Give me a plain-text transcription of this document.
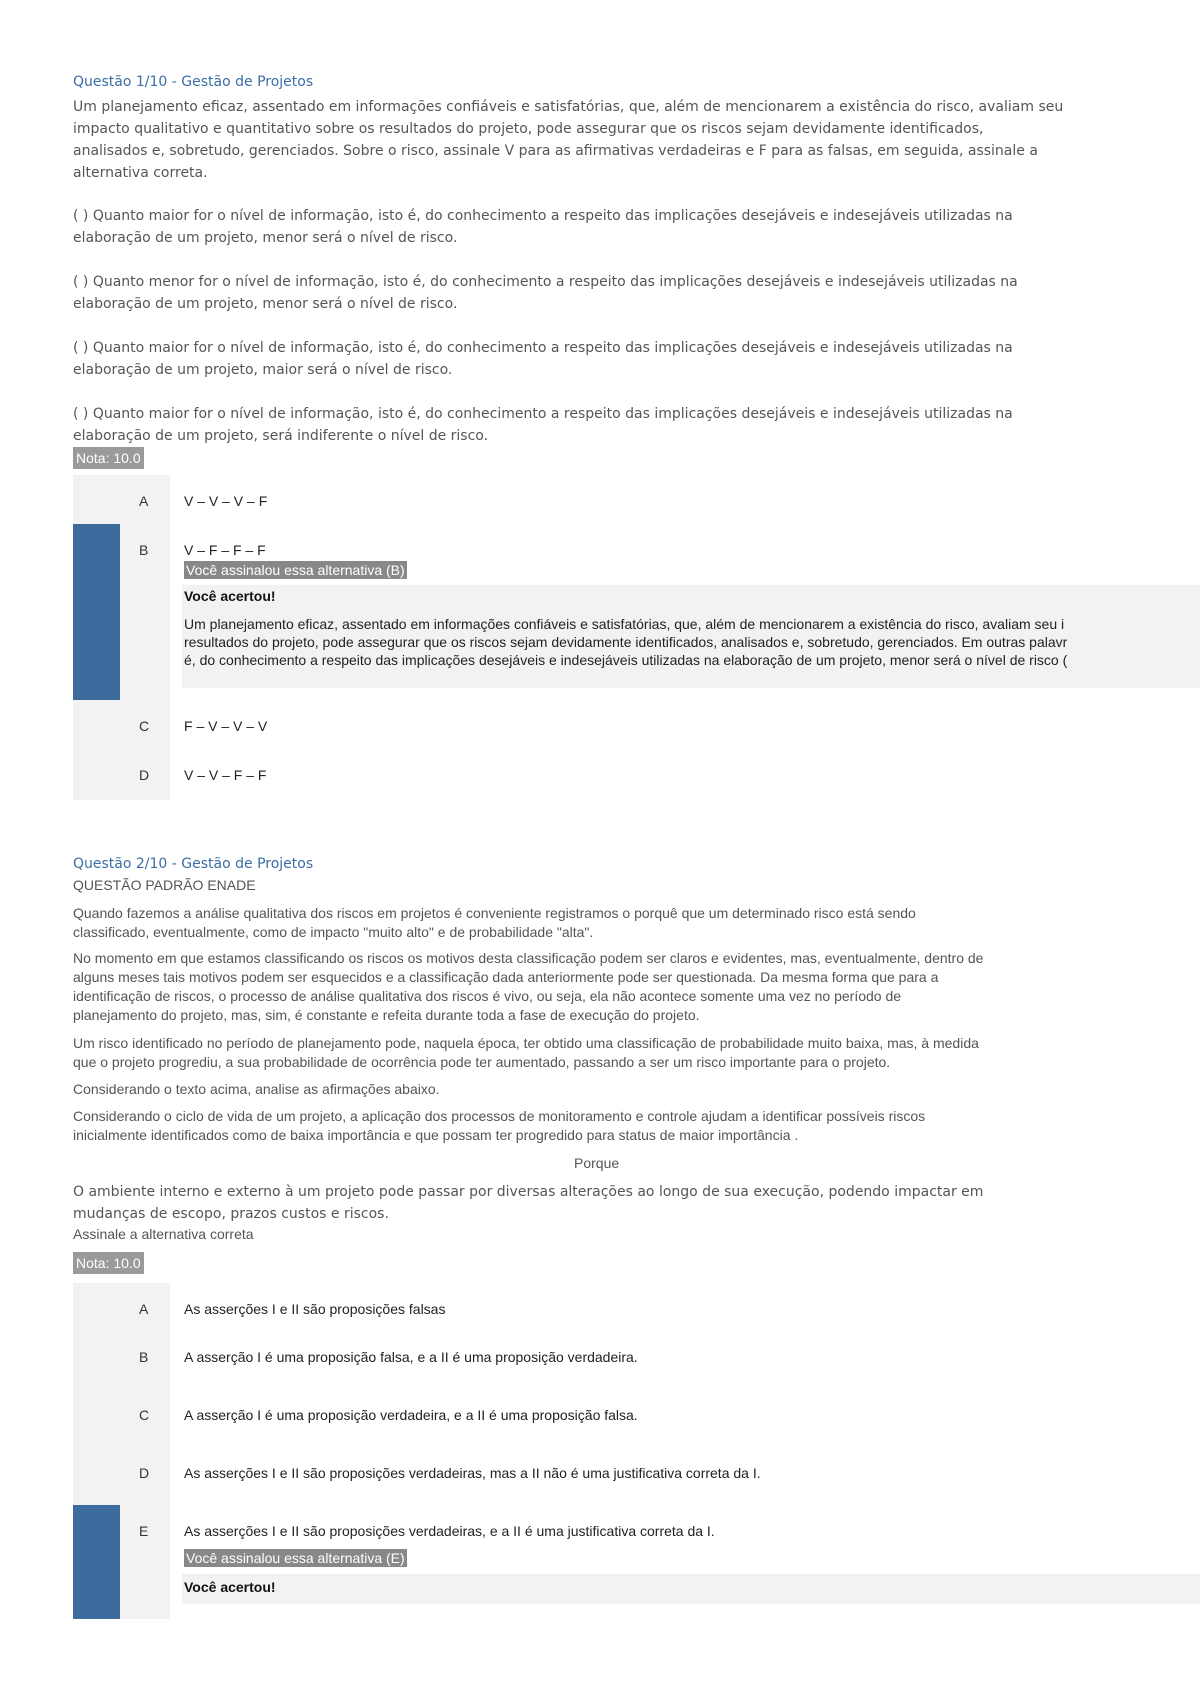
Questão 1/10 - Gestão de Projetos
Um planejamento eficaz, assentado em informações confiáveis e satisfatórias, que, além de mencionarem a existência do risco, avaliam seu
impacto qualitativo e quantitativo sobre os resultados do projeto, pode assegurar que os riscos sejam devidamente identificados,
analisados e, sobretudo, gerenciados. Sobre o risco, assinale V para as afirmativas verdadeiras e F para as falsas, em seguida, assinale a
alternativa correta.
( ) Quanto maior for o nível de informação, isto é, do conhecimento a respeito das implicações desejáveis e indesejáveis utilizadas na
elaboração de um projeto, menor será o nível de risco.
( ) Quanto menor for o nível de informação, isto é, do conhecimento a respeito das implicações desejáveis e indesejáveis utilizadas na
elaboração de um projeto, menor será o nível de risco.
( ) Quanto maior for o nível de informação, isto é, do conhecimento a respeito das implicações desejáveis e indesejáveis utilizadas na
elaboração de um projeto, maior será o nível de risco.
( ) Quanto maior for o nível de informação, isto é, do conhecimento a respeito das implicações desejáveis e indesejáveis utilizadas na
elaboração de um projeto, será indiferente o nível de risco.
Nota: 10.0
A	V – V – V – F
B	V – F – F – F
Você assinalou essa alternativa (B)
Você acertou!
Um planejamento eficaz, assentado em informações confiáveis e satisfatórias, que, além de mencionarem a existência do risco, avaliam seu i
resultados do projeto, pode assegurar que os riscos sejam devidamente identificados, analisados e, sobretudo, gerenciados. Em outras palavr
é, do conhecimento a respeito das implicações desejáveis e indesejáveis utilizadas na elaboração de um projeto, menor será o nível de risco (
C F – V – V – V
D V – V – F – F
Questão 2/10 - Gestão de Projetos
QUESTÃO PADRÃO ENADE
Quando fazemos a análise qualitativa dos riscos em projetos é conveniente registramos o porquê que um determinado risco está sendo
classificado, eventualmente, como de impacto "muito alto" e de probabilidade "alta".
No momento em que estamos classificando os riscos os motivos desta classificação podem ser claros e evidentes, mas, eventualmente, dentro de
alguns meses tais motivos podem ser esquecidos e a classificação dada anteriormente pode ser questionada. Da mesma forma que para a
identificação de riscos, o processo de análise qualitativa dos riscos é vivo, ou seja, ela não acontece somente uma vez no período de
planejamento do projeto, mas, sim, é constante e refeita durante toda a fase de execução do projeto.
Um risco identificado no período de planejamento pode, naquela época, ter obtido uma classificação de probabilidade muito baixa, mas, à medida
que o projeto progrediu, a sua probabilidade de ocorrência pode ter aumentado, passando a ser um risco importante para o projeto.
Considerando o texto acima, analise as afirmações abaixo.
Considerando o ciclo de vida de um projeto, a aplicação dos processos de monitoramento e controle ajudam a identificar possíveis riscos
inicialmente identificados como de baixa importância e que possam ter progredido para status de maior importância .
Porque
O ambiente interno e externo à um projeto pode passar por diversas alterações ao longo de sua execução, podendo impactar em
mudanças de escopo, prazos custos e riscos.
Assinale a alternativa correta
Nota: 10.0
A	As asserções I e II são proposições falsas
B	A asserção I é uma proposição falsa, e a II é uma proposição verdadeira.
C A asserção I é uma proposição verdadeira, e a II é uma proposição falsa.
D As asserções I e II são proposições verdadeiras, mas a II não é uma justificativa correta da I.
E	As asserções I e II são proposições verdadeiras, e a II é uma justificativa correta da I.
Você assinalou essa alternativa (E)
Você acertou!
